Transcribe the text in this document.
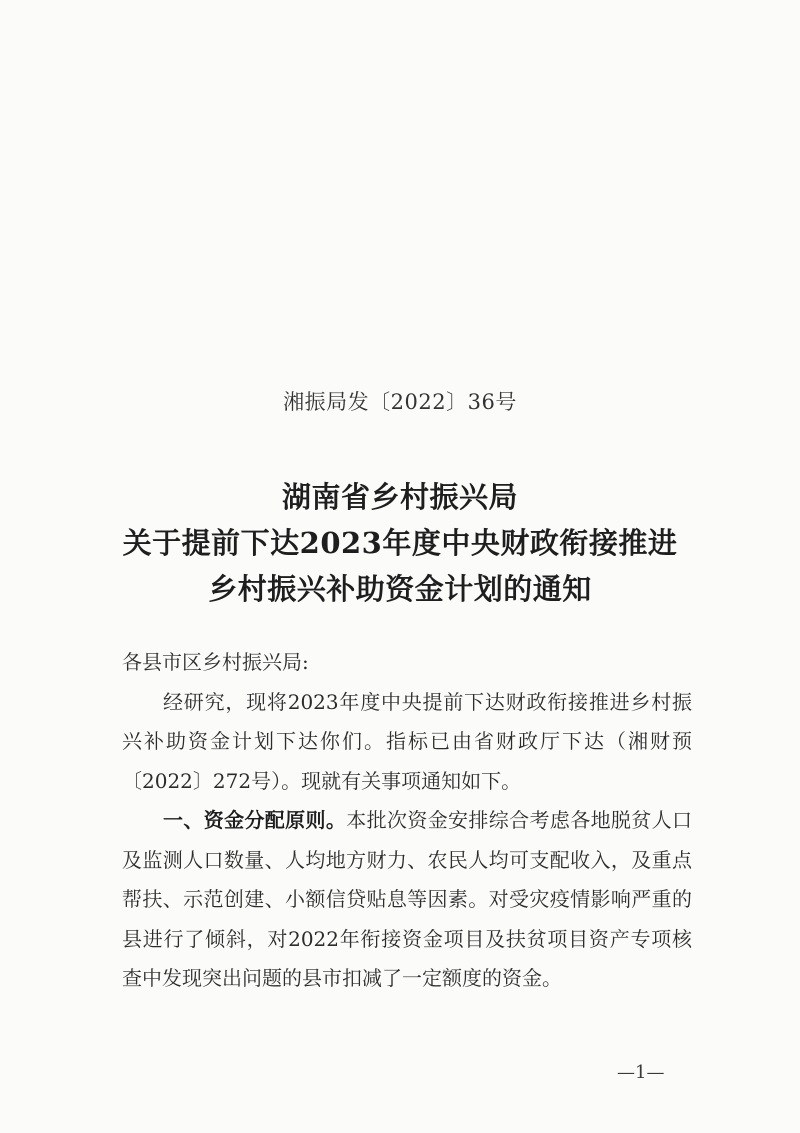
湘振局发〔2022〕36号
湖南省乡村振兴局
关于提前下达2023年度中央财政衔接推进
乡村振兴补助资金计划的通知

各县市区乡村振兴局:

经研究，现将2023年度中央提前下达财政衔接推进乡村振兴补助资金计划下达你们。指标已由省财政厅下达（湘财预〔2022〕272号）。现就有关事项通知如下。

一、资金分配原则。本批次资金安排综合考虑各地脱贫人口及监测人口数量、人均地方财力、农民人均可支配收入，及重点帮扶、示范创建、小额信贷贴息等因素。对受灾疫情影响严重的县进行了倾斜，对2022年衔接资金项目及扶贫项目资产专项核查中发现突出问题的县市扣减了一定额度的资金。

—1—
